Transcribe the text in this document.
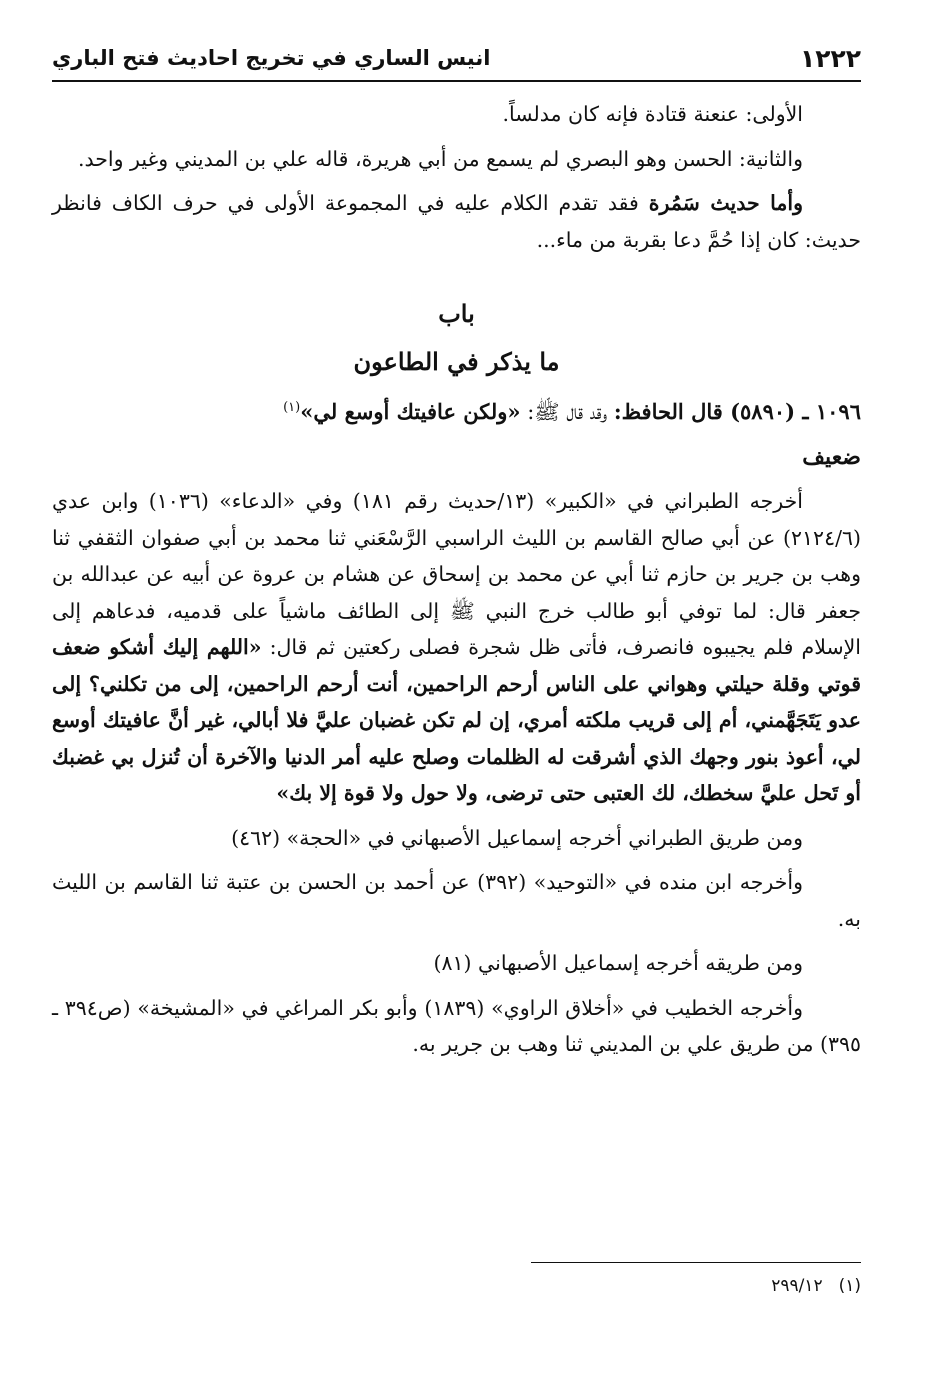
١٢٢٢
انيس الساري في تخريج احاديث فتح الباري

الأولى: عنعنة قتادة فإنه كان مدلساً.

والثانية: الحسن وهو البصري لم يسمع من أبي هريرة، قاله علي بن المديني وغير واحد.

وأما حديث سَمُرة فقد تقدم الكلام عليه في المجموعة الأولى في حرف الكاف فانظر حديث: كان إذا حُمَّ دعا بقربة من ماء...

باب

ما يذكر في الطاعون

١٠٩٦ ـ (٥٨٩٠) قال الحافظ: وقد قال ﷺ: «ولكن عافيتك أوسع لي»$^{(١)}$

ضعيف

أخرجه الطبراني في «الكبير» (١٣/حديث رقم ١٨١) وفي «الدعاء» (١٠٣٦) وابن عدي (٢١٢٤/٦) عن أبي صالح القاسم بن الليث الراسبي الرَّسْعَني ثنا محمد بن أبي صفوان الثقفي ثنا وهب بن جرير بن حازم ثنا أبي عن محمد بن إسحاق عن هشام بن عروة عن أبيه عن عبدالله بن جعفر قال: لما توفي أبو طالب خرج النبي ﷺ إلى الطائف ماشياً على قدميه، فدعاهم إلى الإسلام فلم يجيبوه فانصرف، فأتى ظل شجرة فصلى ركعتين ثم قال: «اللهم إليك أشكو ضعف قوتي وقلة حيلتي وهواني على الناس أرحم الراحمين، أنت أرحم الراحمين، إلى من تكلني؟ إلى عدو يَتَجَهَّمني، أم إلى قريب ملكته أمري، إن لم تكن غضبان عليَّ فلا أبالي، غير أنَّ عافيتك أوسع لي، أعوذ بنور وجهك الذي أشرقت له الظلمات وصلح عليه أمر الدنيا والآخرة أن تُنزل بي غضبك أو تَحل عليَّ سخطك، لك العتبى حتى ترضى، ولا حول ولا قوة إلا بك»

ومن طريق الطبراني أخرجه إسماعيل الأصبهاني في «الحجة» (٤٦٢)

وأخرجه ابن منده في «التوحيد» (٣٩٢) عن أحمد بن الحسن بن عتبة ثنا القاسم بن الليث به.

ومن طريقه أخرجه إسماعيل الأصبهاني (٨١)

وأخرجه الخطيب في «أخلاق الراوي» (١٨٣٩) وأبو بكر المراغي في «المشيخة» (ص٣٩٤ ـ ٣٩٥) من طريق علي بن المديني ثنا وهب بن جرير به.

(١)٢٩٩/١٢
